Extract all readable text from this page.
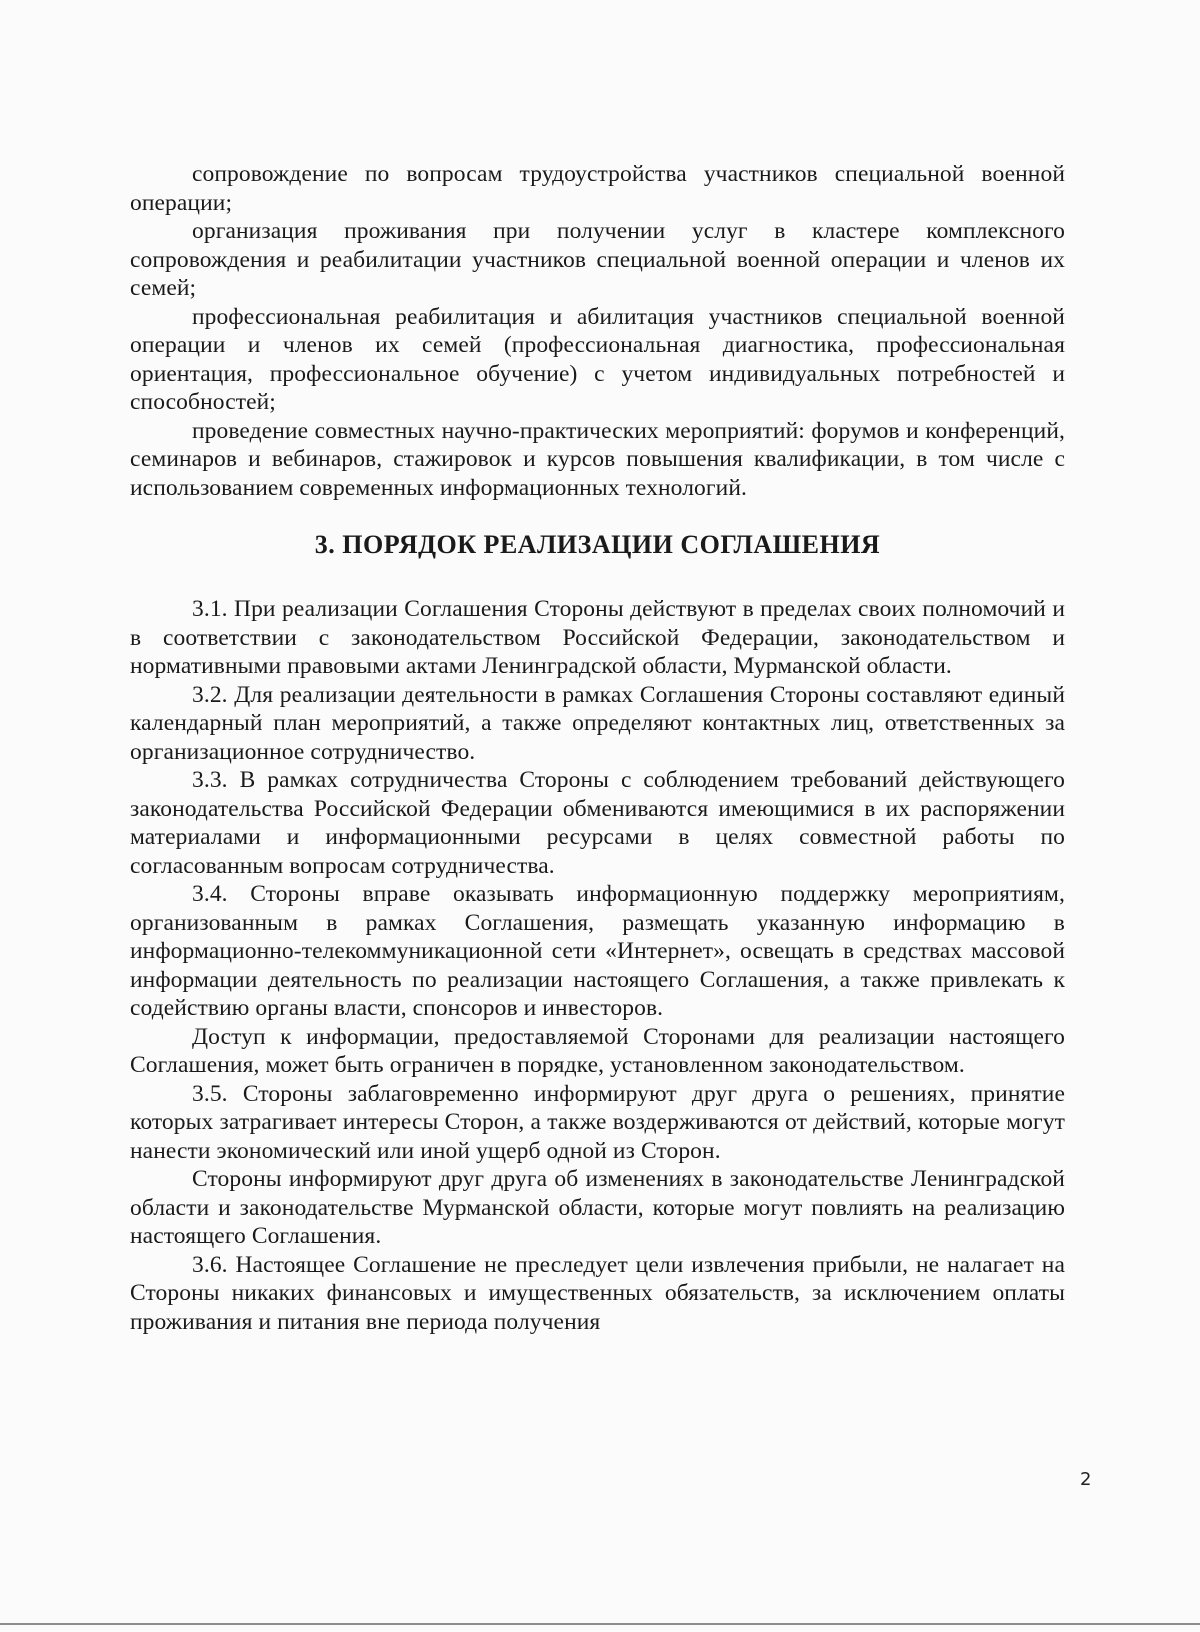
сопровождение по вопросам трудоустройства участников специальной военной операции;

организация проживания при получении услуг в кластере комплексного сопровождения и реабилитации участников специальной военной операции и членов их семей;

профессиональная реабилитация и абилитация участников специальной военной операции и членов их семей (профессиональная диагностика, профессиональная ориентация, профессиональное обучение) с учетом индивидуальных потребностей и способностей;

проведение совместных научно-практических мероприятий: форумов и конференций, семинаров и вебинаров, стажировок и курсов повышения квалификации, в том числе с использованием современных информационных технологий.

3. ПОРЯДОК РЕАЛИЗАЦИИ СОГЛАШЕНИЯ

3.1. При реализации Соглашения Стороны действуют в пределах своих полномочий и в соответствии с законодательством Российской Федерации, законодательством и нормативными правовыми актами Ленинградской области, Мурманской области.

3.2. Для реализации деятельности в рамках Соглашения Стороны составляют единый календарный план мероприятий, а также определяют контактных лиц, ответственных за организационное сотрудничество.

3.3. В рамках сотрудничества Стороны с соблюдением требований действующего законодательства Российской Федерации обмениваются имеющимися в их распоряжении материалами и информационными ресурсами в целях совместной работы по согласованным вопросам сотрудничества.

3.4. Стороны вправе оказывать информационную поддержку мероприятиям, организованным в рамках Соглашения, размещать указанную информацию в информационно-телекоммуникационной сети «Интернет», освещать в средствах массовой информации деятельность по реализации настоящего Соглашения, а также привлекать к содействию органы власти, спонсоров и инвесторов.

Доступ к информации, предоставляемой Сторонами для реализации настоящего Соглашения, может быть ограничен в порядке, установленном законодательством.

3.5. Стороны заблаговременно информируют друг друга о решениях, принятие которых затрагивает интересы Сторон, а также воздерживаются от действий, которые могут нанести экономический или иной ущерб одной из Сторон.

Стороны информируют друг друга об изменениях в законодательстве Ленинградской области и законодательстве Мурманской области, которые могут повлиять на реализацию настоящего Соглашения.

3.6. Настоящее Соглашение не преследует цели извлечения прибыли, не налагает на Стороны никаких финансовых и имущественных обязательств, за исключением оплаты проживания и питания вне периода получения

2
